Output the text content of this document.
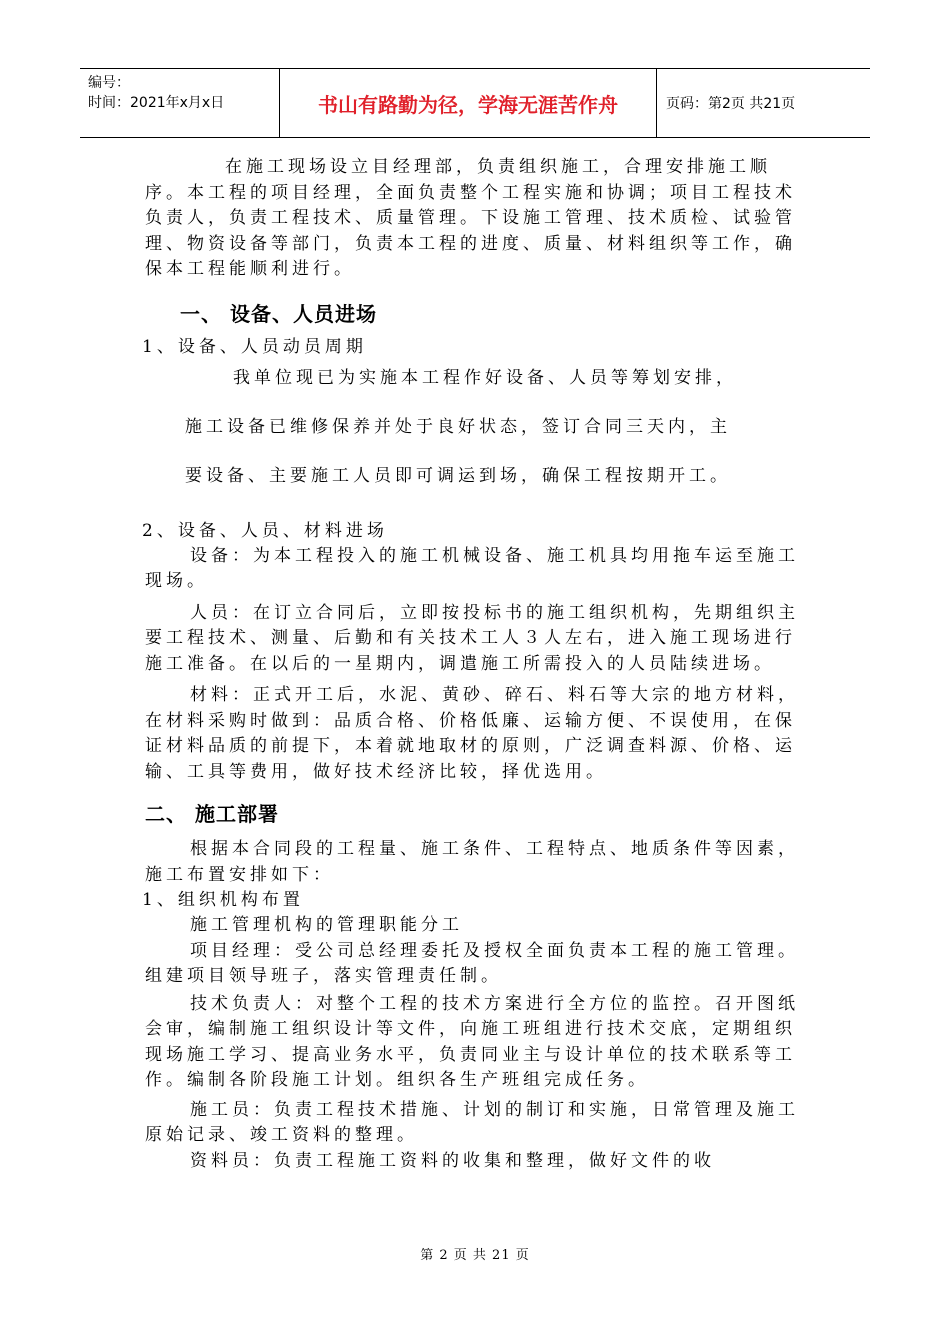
编号：
时间：2021年x月x日	书山有路勤为径，学海无涯苦作舟	页码：第2页 共21页

在施工现场设立目经理部，负责组织施工，合理安排施工顺序。本工程的项目经理，全面负责整个工程实施和协调；项目工程技术负责人，负责工程技术、质量管理。下设施工管理、技术质检、试验管理、物资设备等部门，负责本工程的进度、质量、材料组织等工作，确保本工程能顺利进行。

一、 设备、人员进场

1、设备、人员动员周期

我单位现已为实施本工程作好设备、人员等筹划安排，

施工设备已维修保养并处于良好状态，签订合同三天内，主

要设备、主要施工人员即可调运到场，确保工程按期开工。

2、设备、人员、材料进场

设备：为本工程投入的施工机械设备、施工机具均用拖车运至施工现场。

人员：在订立合同后，立即按投标书的施工组织机构，先期组织主要工程技术、测量、后勤和有关技术工人３人左右，进入施工现场进行施工准备。在以后的一星期内，调遣施工所需投入的人员陆续进场。

材料：正式开工后，水泥、黄砂、碎石、料石等大宗的地方材料，在材料采购时做到：品质合格、价格低廉、运输方便、不误使用，在保证材料品质的前提下，本着就地取材的原则，广泛调查料源、价格、运输、工具等费用，做好技术经济比较，择优选用。

二、 施工部署

根据本合同段的工程量、施工条件、工程特点、地质条件等因素，施工布置安排如下：

1、组织机构布置

施工管理机构的管理职能分工

项目经理：受公司总经理委托及授权全面负责本工程的施工管理。组建项目领导班子，落实管理责任制。

技术负责人：对整个工程的技术方案进行全方位的监控。召开图纸会审，编制施工组织设计等文件，向施工班组进行技术交底，定期组织现场施工学习、提高业务水平，负责同业主与设计单位的技术联系等工作。编制各阶段施工计划。组织各生产班组完成任务。

施工员：负责工程技术措施、计划的制订和实施，日常管理及施工原始记录、竣工资料的整理。

资料员：负责工程施工资料的收集和整理，做好文件的收

第 2 页 共 21 页
